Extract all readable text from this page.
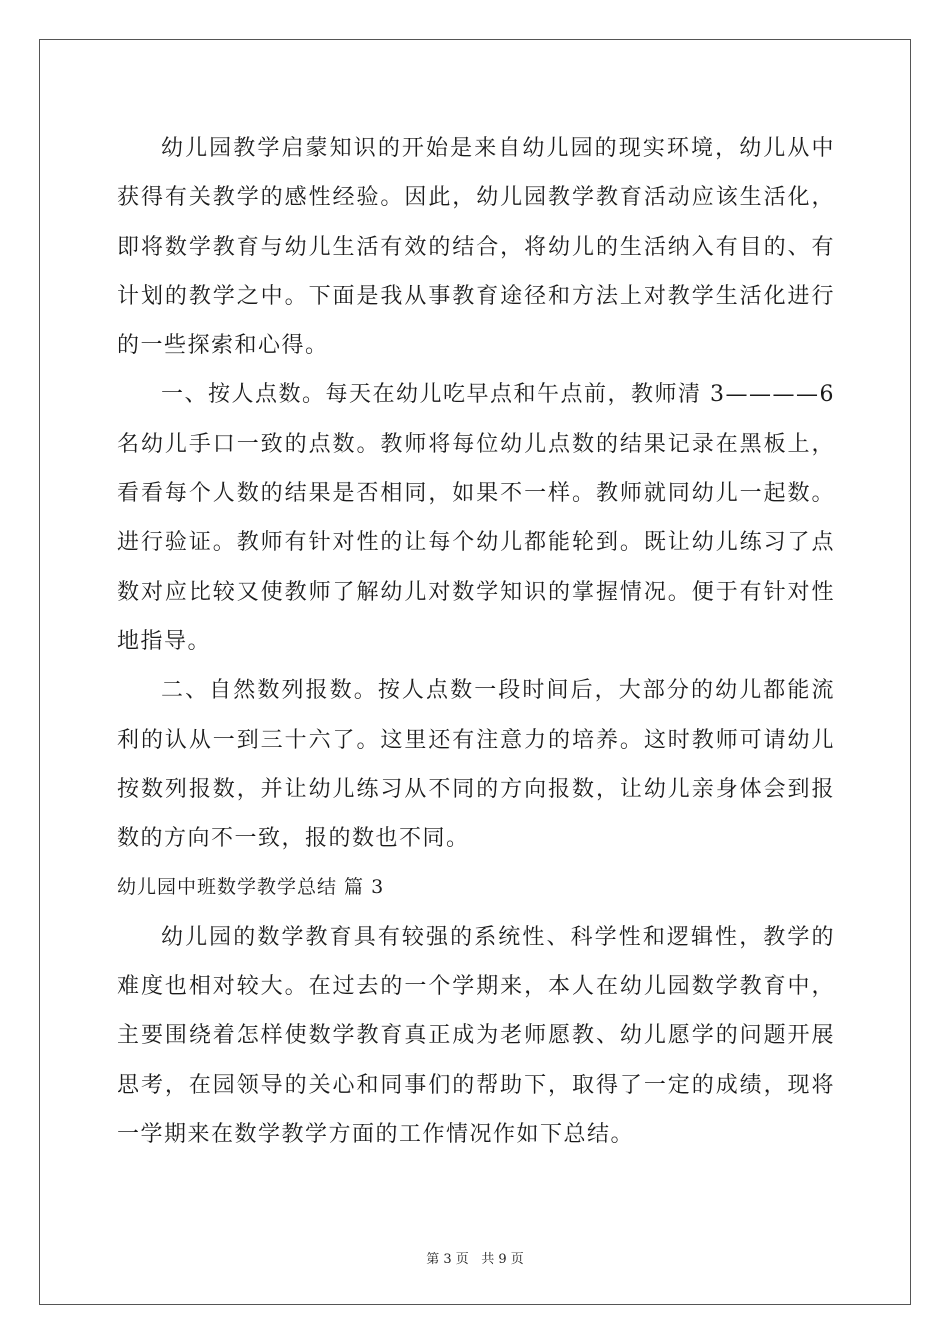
幼儿园教学启蒙知识的开始是来自幼儿园的现实环境，幼儿从中获得有关教学的感性经验。因此，幼儿园教学教育活动应该生活化，即将数学教育与幼儿生活有效的结合，将幼儿的生活纳入有目的、有计划的教学之中。下面是我从事教育途径和方法上对教学生活化进行的一些探索和心得。

一、按人点数。每天在幼儿吃早点和午点前，教师清 3————6 名幼儿手口一致的点数。教师将每位幼儿点数的结果记录在黑板上，看看每个人数的结果是否相同，如果不一样。教师就同幼儿一起数。进行验证。教师有针对性的让每个幼儿都能轮到。既让幼儿练习了点数对应比较又使教师了解幼儿对数学知识的掌握情况。便于有针对性地指导。

二、自然数列报数。按人点数一段时间后，大部分的幼儿都能流利的认从一到三十六了。这里还有注意力的培养。这时教师可请幼儿按数列报数，并让幼儿练习从不同的方向报数，让幼儿亲身体会到报数的方向不一致，报的数也不同。

幼儿园中班数学教学总结 篇 3

幼儿园的数学教育具有较强的系统性、科学性和逻辑性，教学的难度也相对较大。在过去的一个学期来，本人在幼儿园数学教育中，主要围绕着怎样使数学教育真正成为老师愿教、幼儿愿学的问题开展思考，在园领导的关心和同事们的帮助下，取得了一定的成绩，现将一学期来在数学教学方面的工作情况作如下总结。

第 3 页 共 9 页
